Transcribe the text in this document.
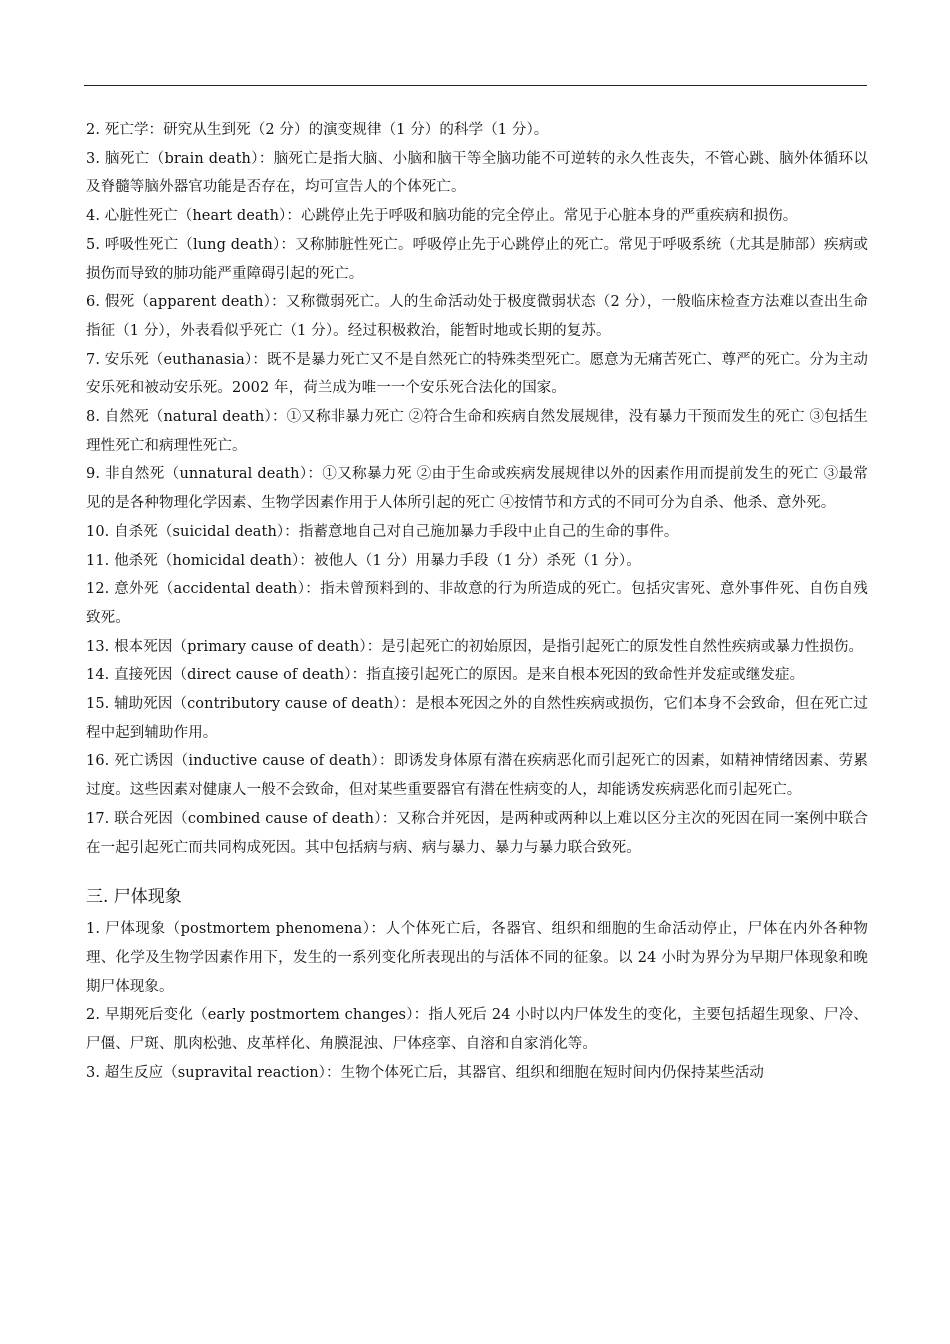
2. 死亡学：研究从生到死（2 分）的演变规律（1 分）的科学（1 分）。

3. 脑死亡（brain death）：脑死亡是指大脑、小脑和脑干等全脑功能不可逆转的永久性丧失，不管心跳、脑外体循环以及脊髓等脑外器官功能是否存在，均可宣告人的个体死亡。

4. 心脏性死亡（heart death）：心跳停止先于呼吸和脑功能的完全停止。常见于心脏本身的严重疾病和损伤。

5. 呼吸性死亡（lung death）：又称肺脏性死亡。呼吸停止先于心跳停止的死亡。常见于呼吸系统（尤其是肺部）疾病或损伤而导致的肺功能严重障碍引起的死亡。

6. 假死（apparent death）：又称微弱死亡。人的生命活动处于极度微弱状态（2 分），一般临床检查方法难以查出生命指征（1 分），外表看似乎死亡（1 分）。经过积极救治，能暂时地或长期的复苏。

7. 安乐死（euthanasia）：既不是暴力死亡又不是自然死亡的特殊类型死亡。愿意为无痛苦死亡、尊严的死亡。分为主动安乐死和被动安乐死。2002 年，荷兰成为唯一一个安乐死合法化的国家。

8. 自然死（natural death）：①又称非暴力死亡 ②符合生命和疾病自然发展规律，没有暴力干预而发生的死亡 ③包括生理性死亡和病理性死亡。

9. 非自然死（unnatural death）：①又称暴力死 ②由于生命或疾病发展规律以外的因素作用而提前发生的死亡 ③最常见的是各种物理化学因素、生物学因素作用于人体所引起的死亡 ④按情节和方式的不同可分为自杀、他杀、意外死。

10. 自杀死（suicidal death）：指蓄意地自己对自己施加暴力手段中止自己的生命的事件。

11. 他杀死（homicidal death）：被他人（1 分）用暴力手段（1 分）杀死（1 分）。

12. 意外死（accidental death）：指未曾预料到的、非故意的行为所造成的死亡。包括灾害死、意外事件死、自伤自残致死。

13. 根本死因（primary cause of death）：是引起死亡的初始原因，是指引起死亡的原发性自然性疾病或暴力性损伤。

14. 直接死因（direct cause of death）：指直接引起死亡的原因。是来自根本死因的致命性并发症或继发症。

15. 辅助死因（contributory cause of death）：是根本死因之外的自然性疾病或损伤，它们本身不会致命，但在死亡过程中起到辅助作用。

16. 死亡诱因（inductive cause of death）：即诱发身体原有潜在疾病恶化而引起死亡的因素，如精神情绪因素、劳累过度。这些因素对健康人一般不会致命，但对某些重要器官有潜在性病变的人，却能诱发疾病恶化而引起死亡。

17. 联合死因（combined cause of death）：又称合并死因，是两种或两种以上难以区分主次的死因在同一案例中联合在一起引起死亡而共同构成死因。其中包括病与病、病与暴力、暴力与暴力联合致死。

三. 尸体现象

1. 尸体现象（postmortem phenomena）：人个体死亡后，各器官、组织和细胞的生命活动停止，尸体在内外各种物理、化学及生物学因素作用下，发生的一系列变化所表现出的与活体不同的征象。以 24 小时为界分为早期尸体现象和晚期尸体现象。

2. 早期死后变化（early postmortem changes）：指人死后 24 小时以内尸体发生的变化，主要包括超生现象、尸冷、尸僵、尸斑、肌肉松弛、皮革样化、角膜混浊、尸体痉挛、自溶和自家消化等。

3. 超生反应（supravital reaction）：生物个体死亡后，其器官、组织和细胞在短时间内仍保持某些活动
